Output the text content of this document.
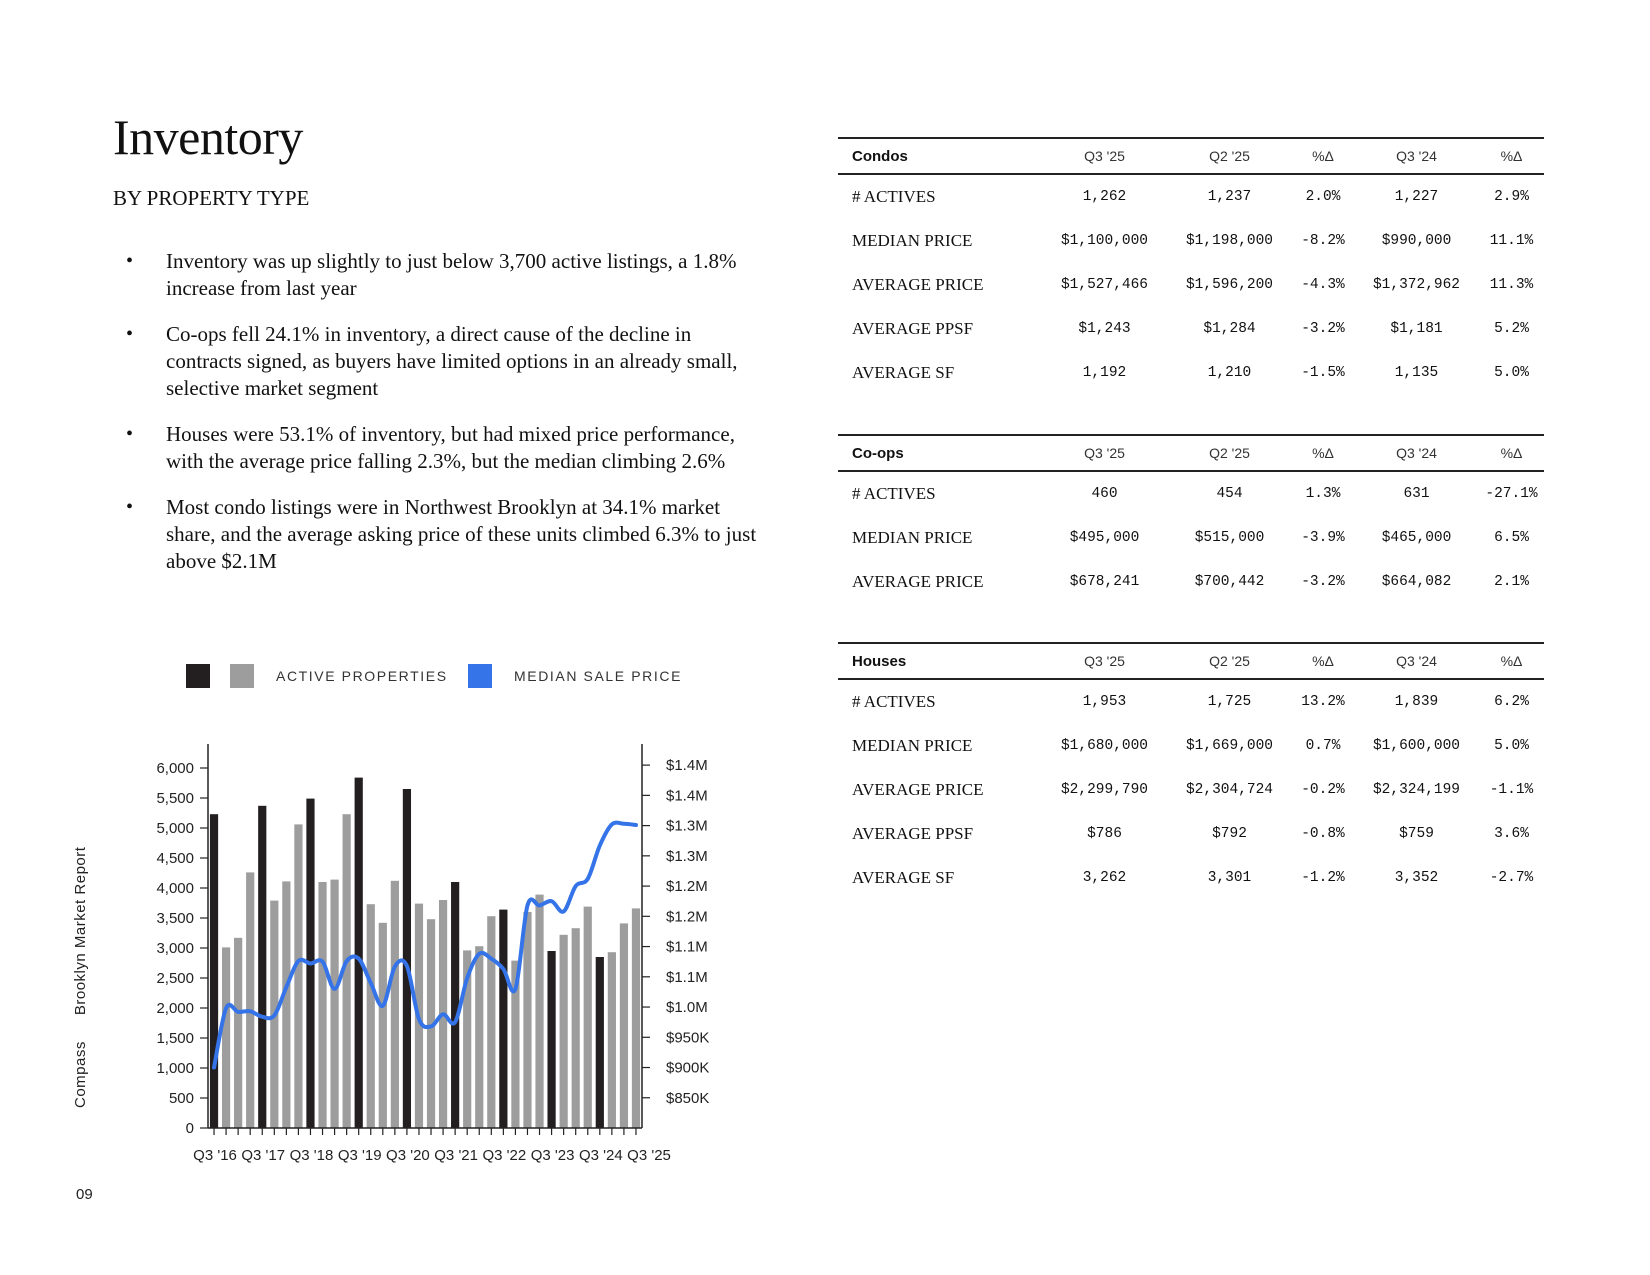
Inventory

BY PROPERTY TYPE

• Inventory was up slightly to just below 3,700 active listings, a 1.8% increase from last year
• Co-ops fell 24.1% in inventory, a direct cause of the decline in contracts signed, as buyers have limited options in an already small, selective market segment
• Houses were 53.1% of inventory, but had mixed price performance, with the average price falling 2.3%, but the median climbing 2.6%
• Most condo listings were in Northwest Brooklyn at 34.1% market share, and the average asking price of these units climbed 6.3% to just above $2.1M
Condos	Q3 '25	Q2 '25	%Δ	Q3 '24	%Δ
# ACTIVES	1,262	1,237	2.0%	1,227	2.9%
MEDIAN PRICE	$1,100,000	$1,198,000	-8.2%	$990,000	11.1%
AVERAGE PRICE	$1,527,466	$1,596,200	-4.3%	$1,372,962	11.3%
AVERAGE PPSF	$1,243	$1,284	-3.2%	$1,181	5.2%
AVERAGE SF	1,192	1,210	-1.5%	1,135	5.0%
Co-ops	Q3 '25	Q2 '25	%Δ	Q3 '24	%Δ
# ACTIVES	460	454	1.3%	631	-27.1%
MEDIAN PRICE	$495,000	$515,000	-3.9%	$465,000	6.5%
AVERAGE PRICE	$678,241	$700,442	-3.2%	$664,082	2.1%
Houses	Q3 '25	Q2 '25	%Δ	Q3 '24	%Δ
# ACTIVES	1,953	1,725	13.2%	1,839	6.2%
MEDIAN PRICE	$1,680,000	$1,669,000	0.7%	$1,600,000	5.0%
AVERAGE PRICE	$2,299,790	$2,304,724	-0.2%	$2,324,199	-1.1%
AVERAGE PPSF	$786	$792	-0.8%	$759	3.6%
AVERAGE SF	3,262	3,301	-1.2%	3,352	-2.7%
ACTIVE PROPERTIES	MEDIAN SALE PRICE
0
500
1,000
1,500
2,000
2,500
3,000
3,500
4,000
4,500
5,000
5,500
6,000
$850K
$900K
$950K
$1.0M
$1.1M
$1.1M
$1.2M
$1.2M
$1.3M
$1.3M
$1.4M
$1.4M
Q3 '16 Q3 '17 Q3 '18 Q3 '19 Q3 '20 Q3 '21 Q3 '22 Q3 '23 Q3 '24 Q3 '25
CompassBrooklyn Market Report
09
